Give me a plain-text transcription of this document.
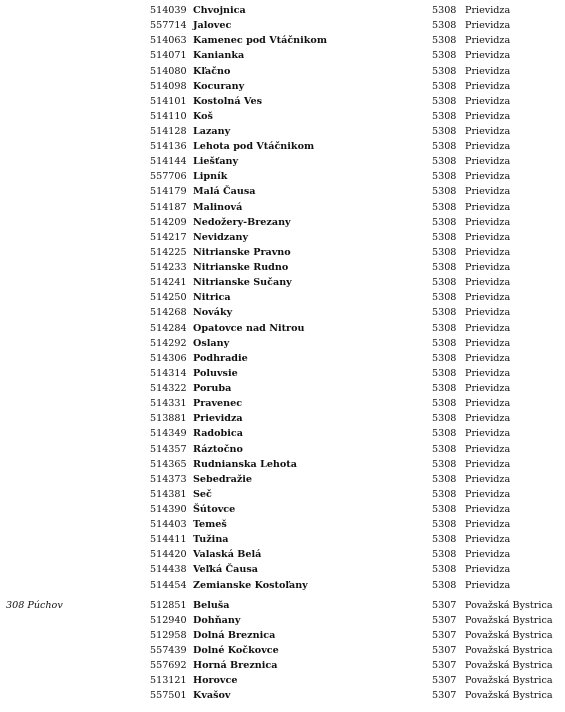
514039 Chvojnica	5308 Prievidza
557714 Jalovec	5308 Prievidza
514063 Kamenec pod Vtáčnikom	5308 Prievidza
514071 Kanianka	5308 Prievidza
514080 Kľačno	5308 Prievidza
514098 Kocurany	5308 Prievidza
514101 Kostolná Ves	5308 Prievidza
514110 Koš	5308 Prievidza
514128 Lazany	5308 Prievidza
514136 Lehota pod Vtáčnikom	5308 Prievidza
514144 Liešťany	5308 Prievidza
557706 Lipník	5308 Prievidza
514179 Malá Čausa	5308 Prievidza
514187 Malinová	5308 Prievidza
514209 Nedožery-Brezany	5308 Prievidza
514217 Nevidzany	5308 Prievidza
514225 Nitrianske Pravno	5308 Prievidza
514233 Nitrianske Rudno	5308 Prievidza
514241 Nitrianske Sučany	5308 Prievidza
514250 Nitrica	5308 Prievidza
514268 Nováky	5308 Prievidza
514284 Opatovce nad Nitrou	5308 Prievidza
514292 Oslany	5308 Prievidza
514306 Podhradie	5308 Prievidza
514314 Poluvsie	5308 Prievidza
514322 Poruba	5308 Prievidza
514331 Pravenec	5308 Prievidza
513881 Prievidza	5308 Prievidza
514349 Radobica	5308 Prievidza
514357 Ráztočno	5308 Prievidza
514365 Rudnianska Lehota	5308 Prievidza
514373 Sebedražie	5308 Prievidza
514381 Seč	5308 Prievidza
514390 Šútovce	5308 Prievidza
514403 Temeš	5308 Prievidza
514411 Tužina	5308 Prievidza
514420 Valaská Belá	5308 Prievidza
514438 Veľká Čausa	5308 Prievidza
514454 Zemianske Kostoľany	5308 Prievidza
308 Púchov	512851 Beluša	5307 Považská Bystrica
512940 Dohňany	5307 Považská Bystrica
512958 Dolná Breznica	5307 Považská Bystrica
557439 Dolné Kočkovce	5307 Považská Bystrica
557692 Horná Breznica	5307 Považská Bystrica
513121 Horovce	5307 Považská Bystrica
557501 Kvašov	5307 Považská Bystrica
